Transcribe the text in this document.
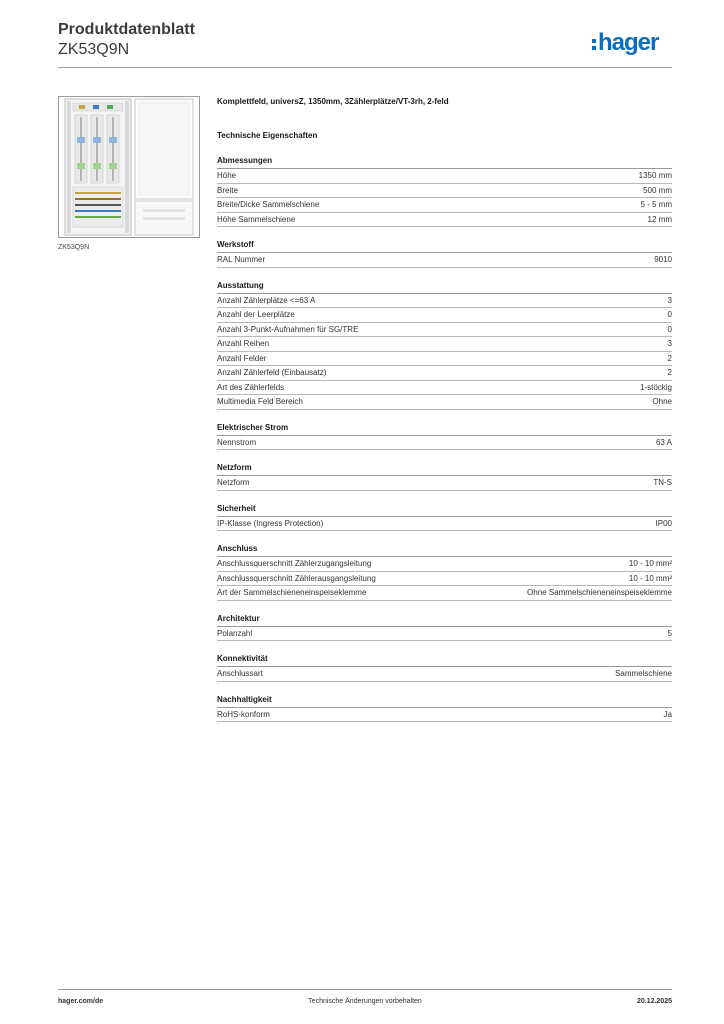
Produktdatenblatt
ZK53Q9N	hager
ZK53Q9N
Komplettfeld, universZ, 1350mm, 3Zählerplätze/VT-3rh, 2-feld
Technische Eigenschaften
Abmessungen
Höhe	1350 mm
Breite	500 mm
Breite/Dicke Sammelschiene	5 - 5 mm
Höhe Sammelschiene	12 mm
Werkstoff
RAL Nummer	9010
Ausstattung
Anzahl Zählerplätze <=63 A	3
Anzahl der Leerplätze	0
Anzahl 3-Punkt-Aufnahmen für SG/TRE	0
Anzahl Reihen	3
Anzahl Felder	2
Anzahl Zählerfeld (Einbausatz)	2
Art des Zählerfelds	1-stöckig
Multimedia Feld Bereich	Ohne
Elektrischer Strom
Nennstrom	63 A
Netzform
Netzform	TN-S
Sicherheit
IP-Klasse (Ingress Protection)	IP00
Anschluss
Anschlussquerschnitt Zählerzugangsleitung	10 - 10 mm²
Anschlussquerschnitt Zählerausgangsleitung	10 - 10 mm²
Art der Sammelschieneneinspeiseklemme	Ohne Sammelschieneneinspeiseklemme
Architektur
Polanzahl	5
Konnektivität
Anschlussart	Sammelschiene
Nachhaltigkeit
RoHS-konform	Ja
hager.com/de	Technische Änderungen vorbehalten	20.12.2025
